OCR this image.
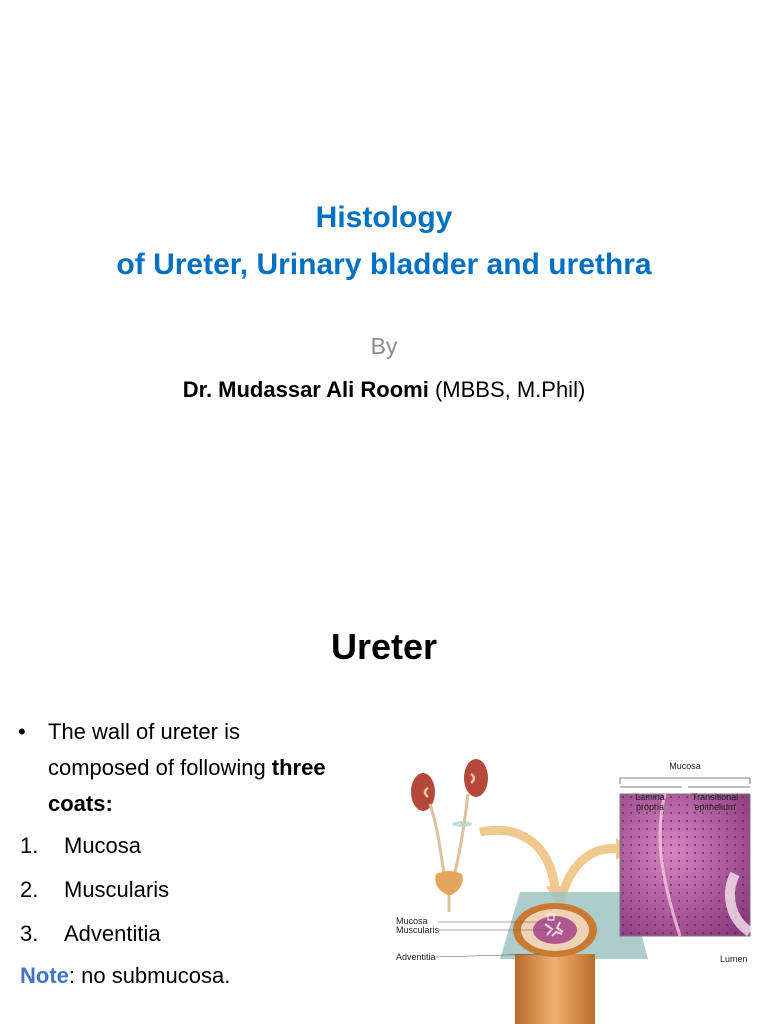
Histology
of Ureter, Urinary bladder and urethra
By
Dr. Mudassar Ali Roomi (MBBS, M.Phil)
Ureter
•	The wall of ureter is composed of following three coats:
1. Mucosa
2. Muscularis
3. Adventitia
Note: no submucosa.
Mucosa
Lamina
propria
Transitional
epithelium
Mucosa
Muscularis
Adventitia	Lumen
